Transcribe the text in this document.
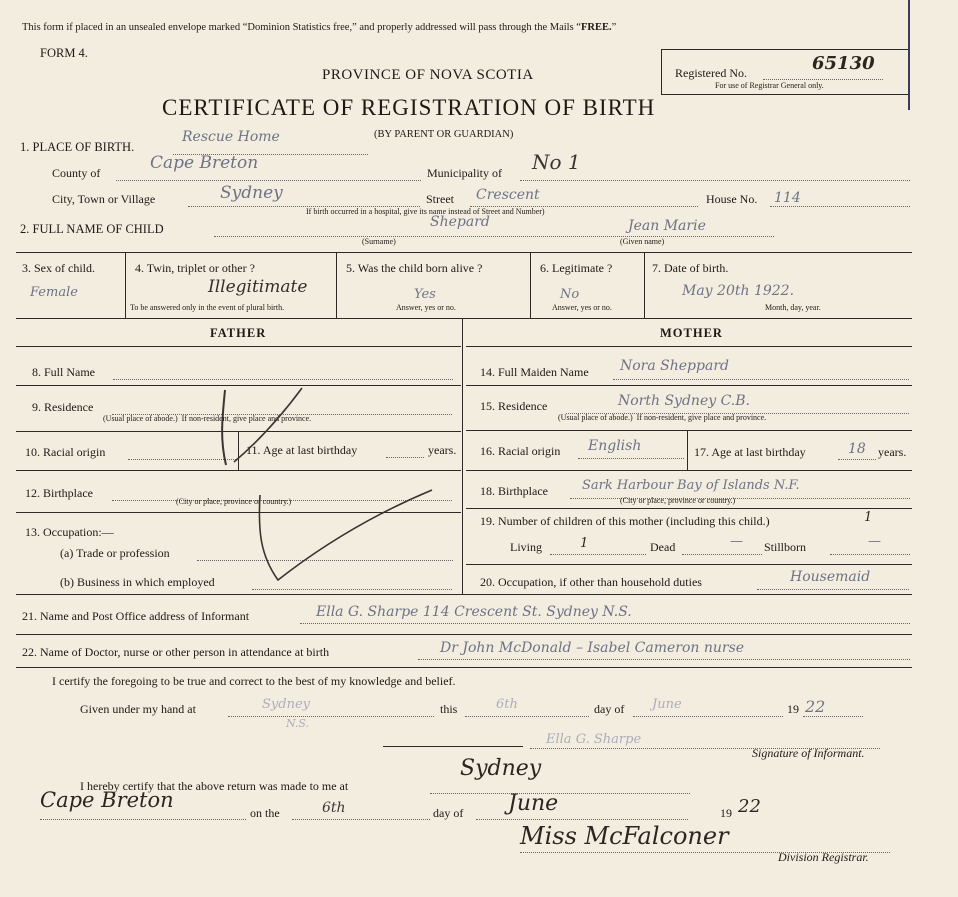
This form if placed in an unsealed envelope marked “Dominion Statistics free,” and properly addressed will pass through the Mails “FREE.”
FORM 4.
PROVINCE OF NOVA SCOTIA
CERTIFICATE OF REGISTRATION OF BIRTH
(BY PARENT OR GUARDIAN)
Registered No.	65130
For use of Registrar General only.
1. PLACE OF BIRTH.
Rescue Home
County of	Cape Breton	Municipality of No 1
City, Town or Village	Sydney	Street Crescent	House No. 114
If birth occurred in a hospital, give its name instead of Street and Number)
2. FULL NAME OF CHILD	Shepard	Jean Marie
(Surname)	(Given name)
3. Sex of child.
Female
4. Twin, triplet or other ?
Illegitimate
To be answered only in the event of plural birth.
5. Was the child born alive ?
Yes
Answer, yes or no.
6. Legitimate ?
No
Answer, yes or no.
7. Date of birth.
May 20th 1922.
Month, day, year.
FATHER	MOTHER
8. Full Name
9. Residence
(Usual place of abode.) If non-resident, give place and province.
10. Racial origin	11. Age at last birthday	years.
12. Birthplace
(City or place, province or country.)
13. Occupation:—
(a) Trade or profession
(b) Business in which employed
14. Full Maiden Name Nora Sheppard
15. Residence	North Sydney C.B.
(Usual place of abode.) If non-resident, give place and province.
16. Racial origin English	17. Age at last birthday	18 years.
18. Birthplace	Sark Harbour Bay of Islands N.F.
(City or place, province or country.)
19. Number of children of this mother (including this child.)	1
Living	1	Dead	— Stillborn	—
20. Occupation, if other than household duties	Housemaid
21. Name and Post Office address of Informant	Ella G. Sharpe 114 Crescent St. Sydney N.S.
22. Name of Doctor, nurse or other person in attendance at birth	Dr John McDonald – Isabel Cameron nurse
I certify the foregoing to be true and correct to the best of my knowledge and belief.
Given under my hand at	Sydney
N.S.
this	6th	day of June	19 22
Ella G. Sharpe
Signature of Informant.
I hereby certify that the above return was made to me at
Sydney
Cape Breton
on the	6th	day of June	19 22
Miss McFalconer
Division Registrar.
